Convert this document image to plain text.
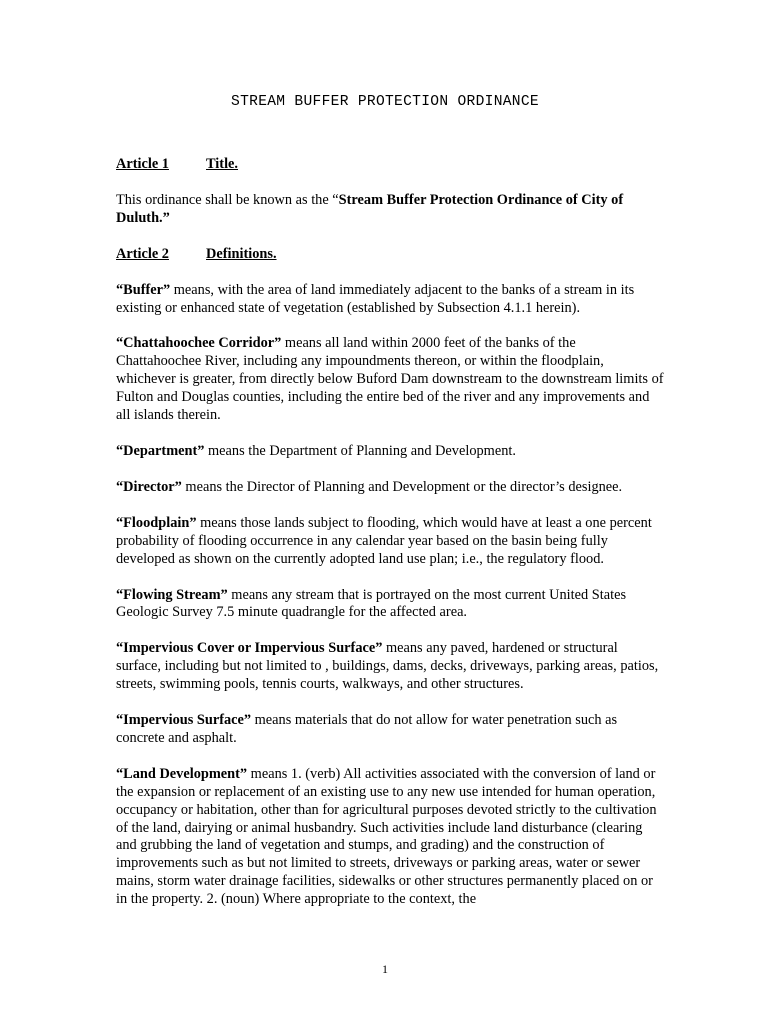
STREAM BUFFER PROTECTION ORDINANCE
Article 1	Title.

This ordinance shall be known as the “Stream Buffer Protection Ordinance of City of Duluth.”

Article 2	Definitions.

“Buffer” means, with the area of land immediately adjacent to the banks of a stream in its existing or enhanced state of vegetation (established by Subsection 4.1.1 herein).

“Chattahoochee Corridor” means all land within 2000 feet of the banks of the Chattahoochee River, including any impoundments thereon, or within the floodplain, whichever is greater, from directly below Buford Dam downstream to the downstream limits of Fulton and Douglas counties, including the entire bed of the river and any improvements and all islands therein.

“Department” means the Department of Planning and Development.

“Director” means the Director of Planning and Development or the director’s designee.

“Floodplain” means those lands subject to flooding, which would have at least a one percent probability of flooding occurrence in any calendar year based on the basin being fully developed as shown on the currently adopted land use plan; i.e., the regulatory flood.

“Flowing Stream” means any stream that is portrayed on the most current United States Geologic Survey 7.5 minute quadrangle for the affected area.

“Impervious Cover or Impervious Surface” means any paved, hardened or structural surface, including but not limited to , buildings, dams, decks, driveways, parking areas, patios, streets, swimming pools, tennis courts, walkways, and other structures.

“Impervious Surface” means materials that do not allow for water penetration such as concrete and asphalt.

“Land Development” means 1. (verb) All activities associated with the conversion of land or the expansion or replacement of an existing use to any new use intended for human operation, occupancy or habitation, other than for agricultural purposes devoted strictly to the cultivation of the land, dairying or animal husbandry. Such activities include land disturbance (clearing and grubbing the land of vegetation and stumps, and grading) and the construction of improvements such as but not limited to streets, driveways or parking areas, water or sewer mains, storm water drainage facilities, sidewalks or other structures permanently placed on or in the property. 2. (noun) Where appropriate to the context, the

1
